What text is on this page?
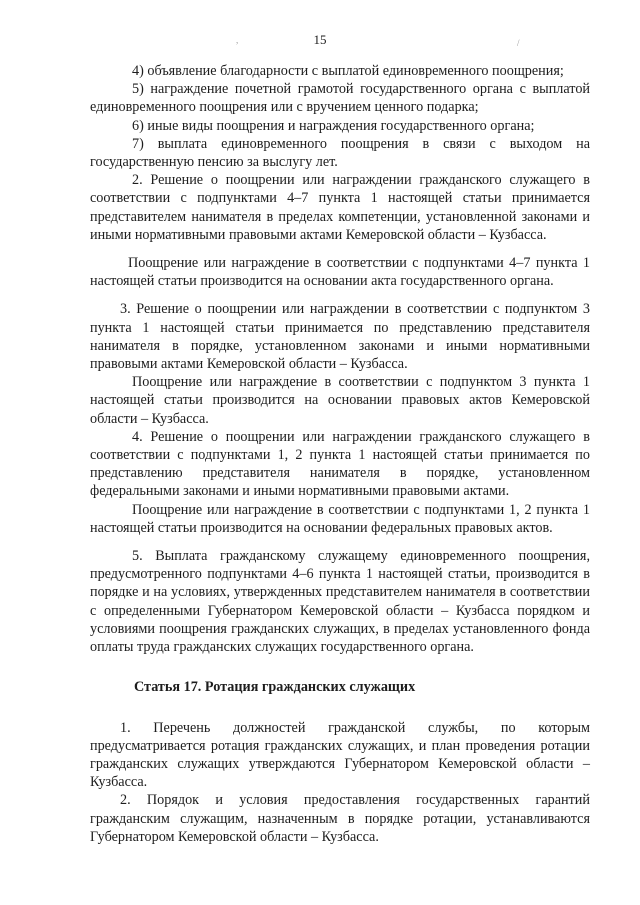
15
,	/

4) объявление благодарности с выплатой единовременного поощрения;

5) награждение почетной грамотой государственного органа с выплатой единовременного поощрения или с вручением ценного подарка;

6) иные виды поощрения и награждения государственного органа;

7) выплата единовременного поощрения в связи с выходом на государственную пенсию за выслугу лет.

2. Решение о поощрении или награждении гражданского служащего в соответствии с подпунктами 4–7 пункта 1 настоящей статьи принимается представителем нанимателя в пределах компетенции, установленной законами и иными нормативными правовыми актами Кемеровской области – Кузбасса.

Поощрение или награждение в соответствии с подпунктами 4–7 пункта 1 настоящей статьи производится на основании акта государственного органа.

3. Решение о поощрении или награждении в соответствии с подпунктом 3 пункта 1 настоящей статьи принимается по представлению представителя нанимателя в порядке, установленном законами и иными нормативными правовыми актами Кемеровской области – Кузбасса.

Поощрение или награждение в соответствии с подпунктом 3 пункта 1 настоящей статьи производится на основании правовых актов Кемеровской области – Кузбасса.

4. Решение о поощрении или награждении гражданского служащего в соответствии с подпунктами 1, 2 пункта 1 настоящей статьи принимается по представлению представителя нанимателя в порядке, установленном федеральными законами и иными нормативными правовыми актами.

Поощрение или награждение в соответствии с подпунктами 1, 2 пункта 1 настоящей статьи производится на основании федеральных правовых актов.

5. Выплата гражданскому служащему единовременного поощрения, предусмотренного подпунктами 4–6 пункта 1 настоящей статьи, производится в порядке и на условиях, утвержденных представителем нанимателя в соответствии с определенными Губернатором Кемеровской области – Кузбасса порядком и условиями поощрения гражданских служащих, в пределах установленного фонда оплаты труда гражданских служащих государственного органа.

Статья 17. Ротация гражданских служащих

1. Перечень должностей гражданской службы, по которым предусматривается ротация гражданских служащих, и план проведения ротации гражданских служащих утверждаются Губернатором Кемеровской области – Кузбасса.

2. Порядок и условия предоставления государственных гарантий гражданским служащим, назначенным в порядке ротации, устанавливаются Губернатором Кемеровской области – Кузбасса.
